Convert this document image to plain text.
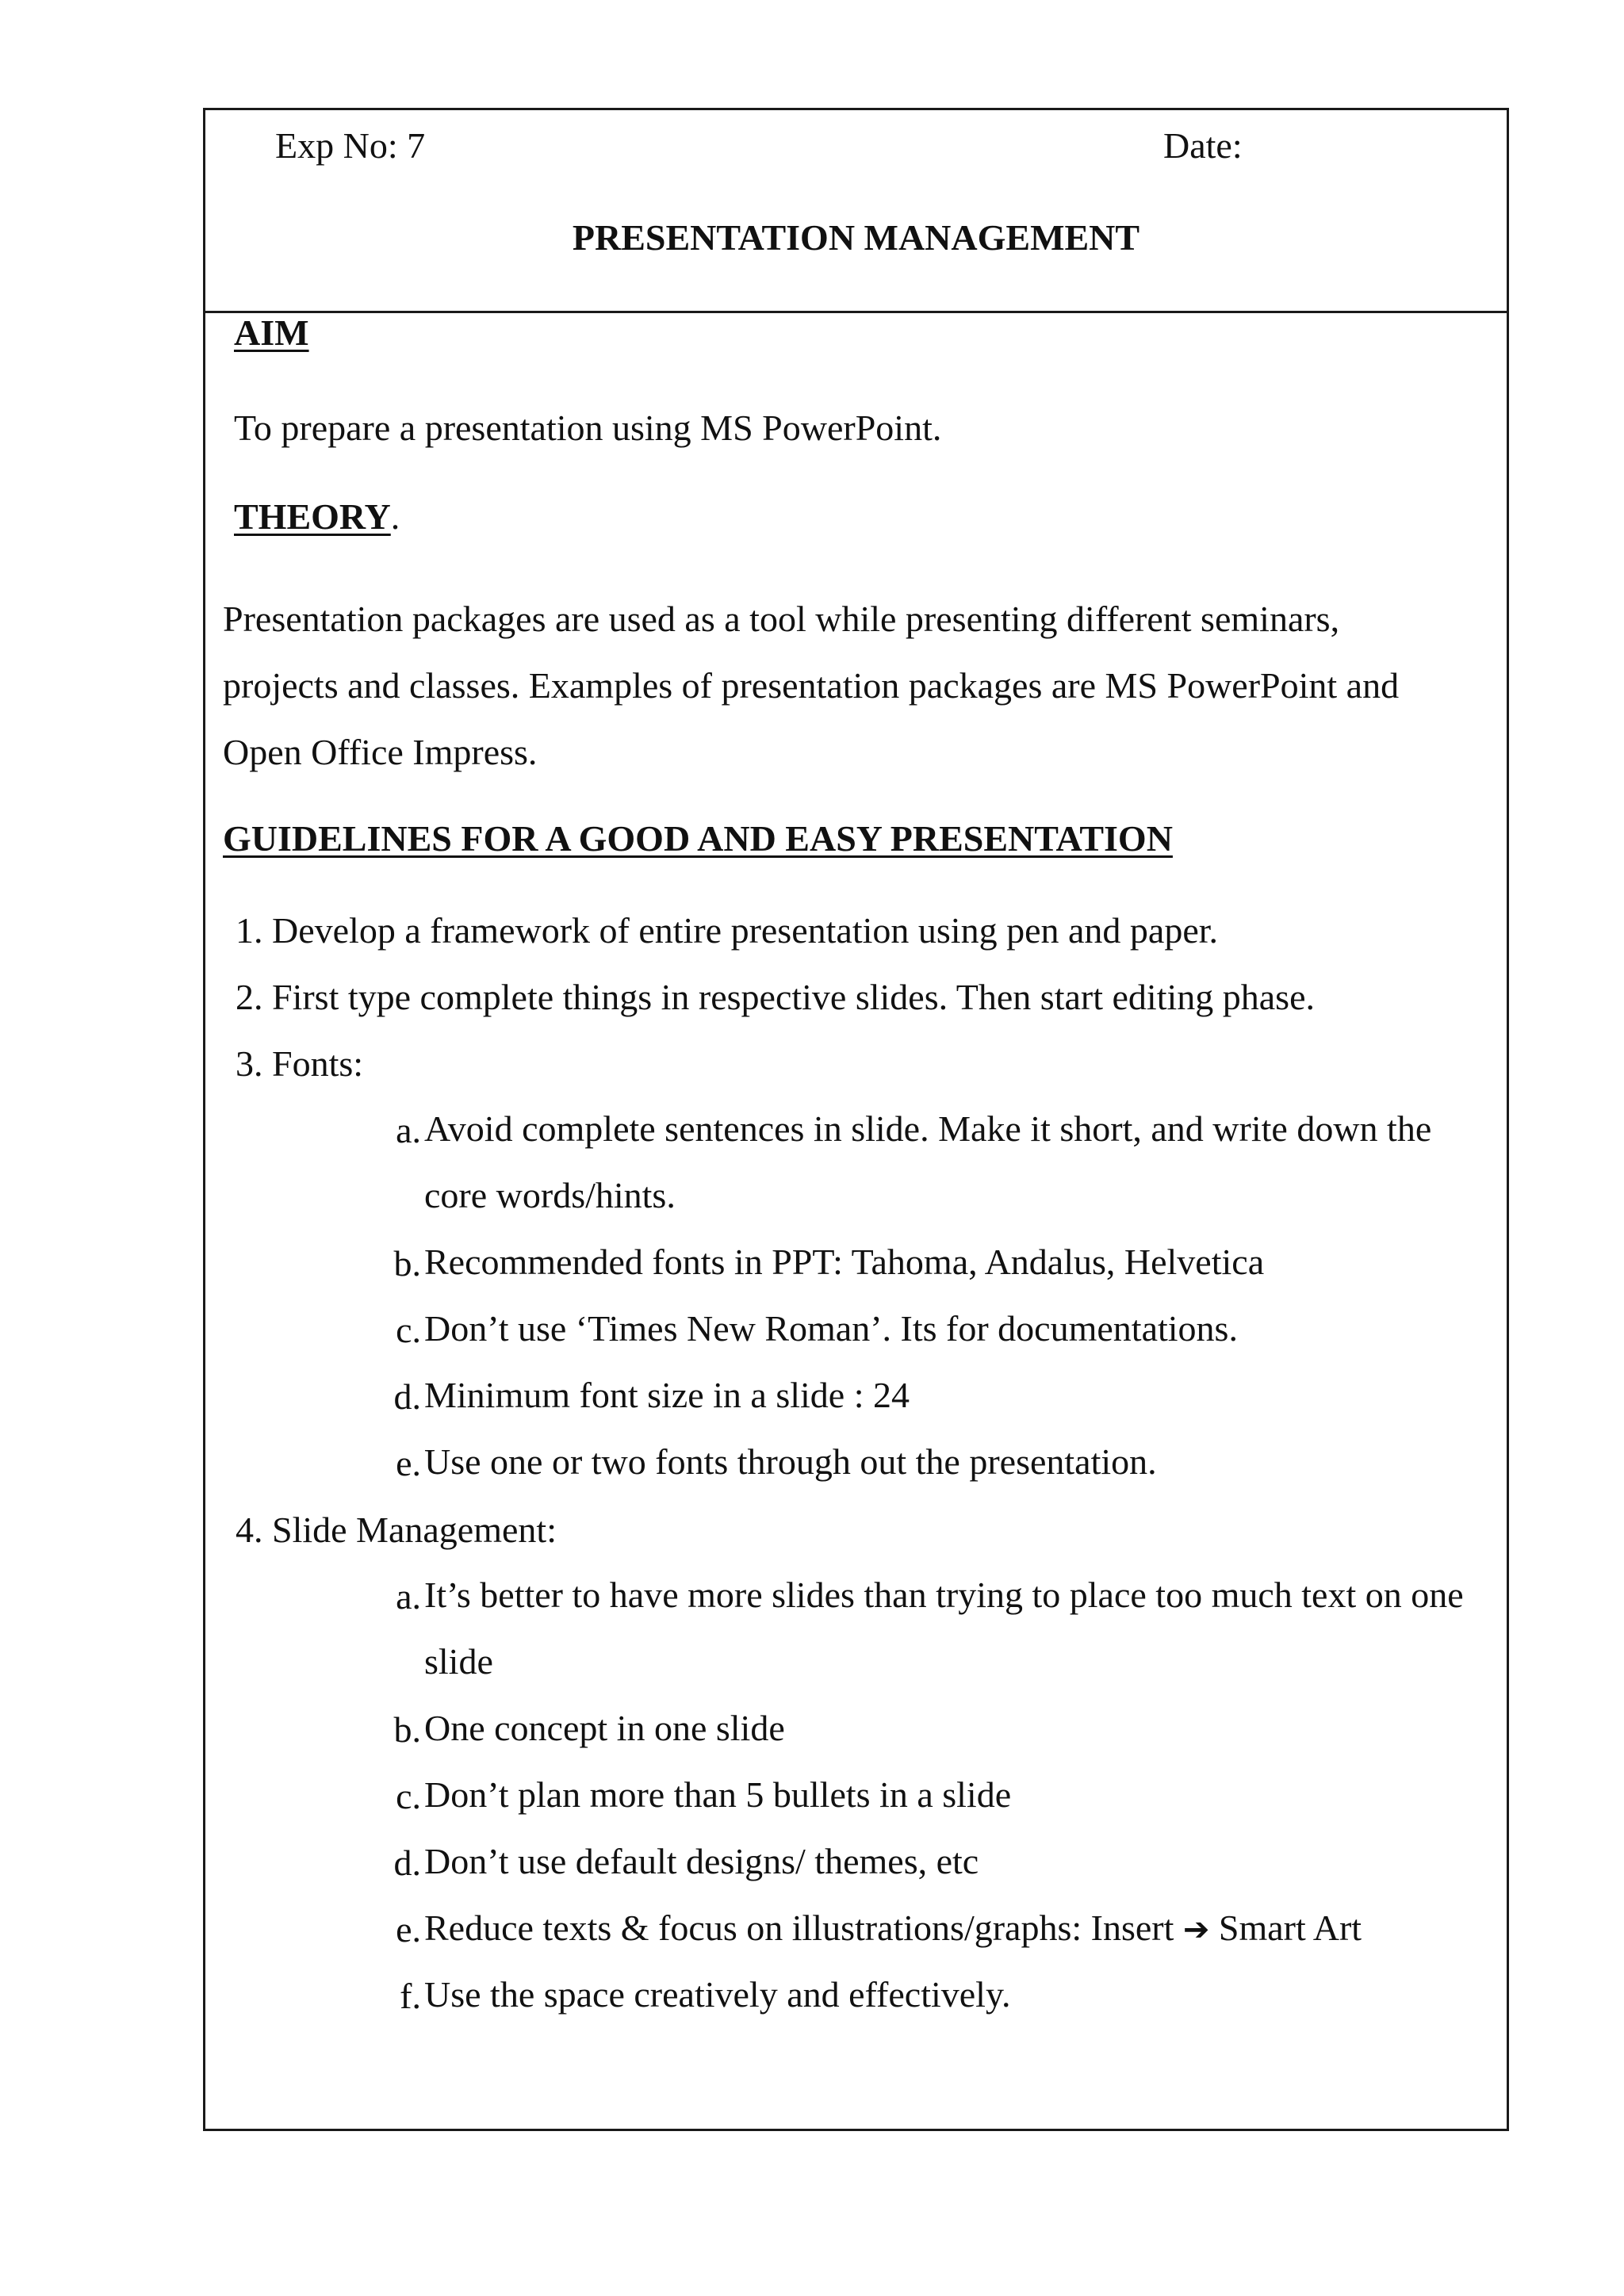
Exp No: 7	Date:
PRESENTATION MANAGEMENT
AIM
To prepare a presentation using MS PowerPoint.
THEORY.
Presentation packages are used as a tool while presenting different seminars, projects and classes. Examples of presentation packages are MS PowerPoint and Open Office Impress.
GUIDELINES FOR A GOOD AND EASY PRESENTATION
1. Develop a framework of entire presentation using pen and paper.
2. First type complete things in respective slides. Then start editing phase.
3. Fonts:
a. Avoid complete sentences in slide. Make it short, and write down the core words/hints.
b. Recommended fonts in PPT: Tahoma, Andalus, Helvetica
c. Don’t use ‘Times New Roman’. Its for documentations.
d. Minimum font size in a slide : 24
e. Use one or two fonts through out the presentation.
4. Slide Management:
a. It’s better to have more slides than trying to place too much text on one slide
b. One concept in one slide
c. Don’t plan more than 5 bullets in a slide
d. Don’t use default designs/ themes, etc
e. Reduce texts & focus on illustrations/graphs: Insert ➔ Smart Art
f. Use the space creatively and effectively.
